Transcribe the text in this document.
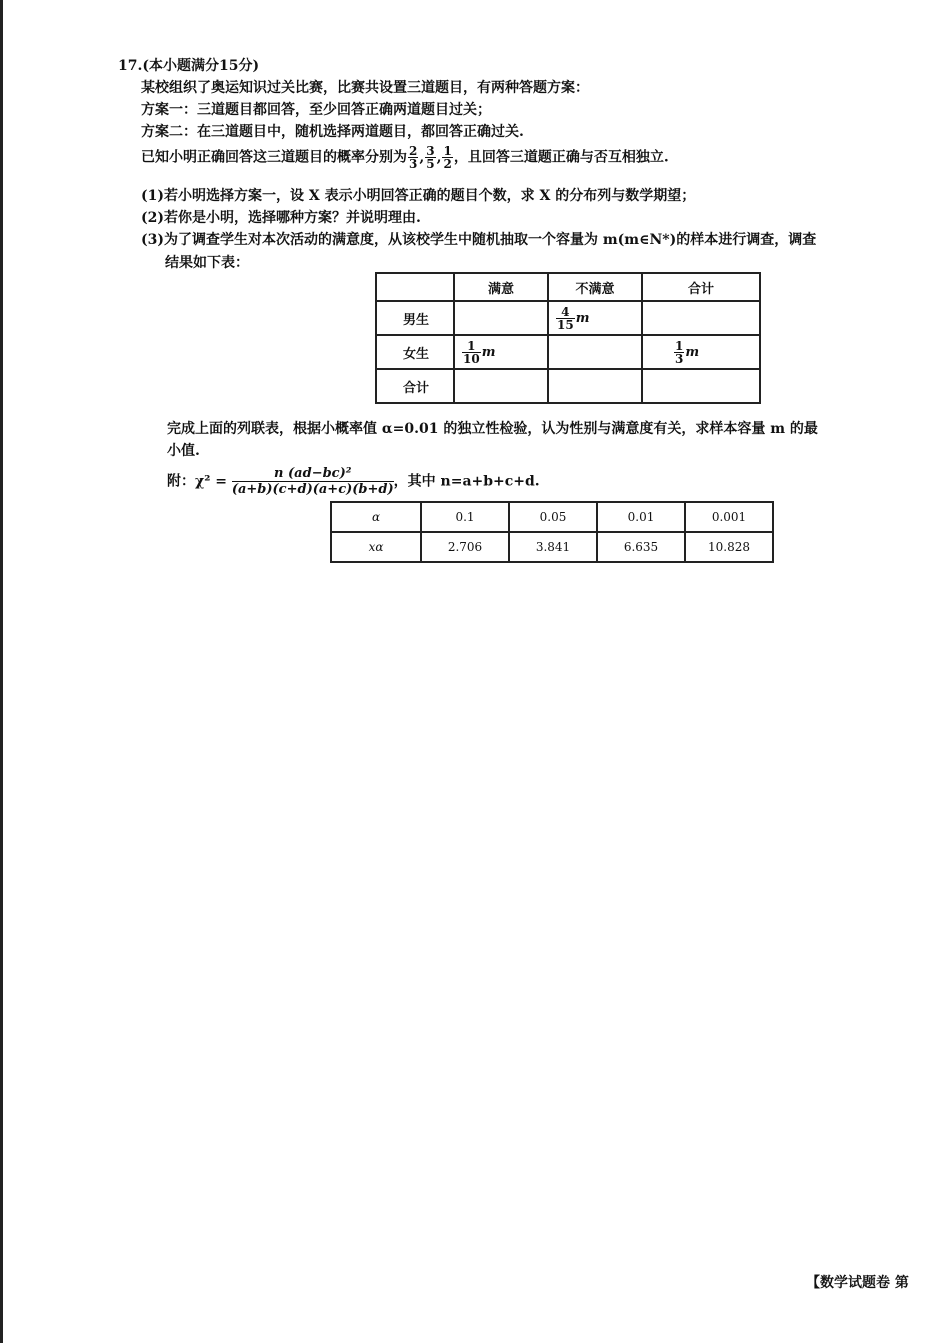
17.(本小题满分15分)
某校组织了奥运知识过关比赛，比赛共设置三道题目，有两种答题方案：
方案一：三道题目都回答，至少回答正确两道题目过关；
方案二：在三道题目中，随机选择两道题目，都回答正确过关.
已知小明正确回答这三道题目的概率分别为 $\frac{2}{3}$ , $\frac{3}{5}$ , $\frac{1}{2}$ ，且回答三道题正确与否互相独立.
(1)若小明选择方案一，设 X 表示小明回答正确的题目个数，求 X 的分布列与数学期望；
(2)若你是小明，选择哪种方案？并说明理由.
(3)为了调查学生对本次活动的满意度，从该校学生中随机抽取一个容量为 m(m∈N*)的样本进行调查，调查
结果如下表：
	满意	不满意	合计
男生		$\frac{4}{15}$ m	
女生	$\frac{1}{10}$ m		$\frac{1}{3}$ m
合计			
完成上面的列联表，根据小概率值 α=0.01 的独立性检验，认为性别与满意度有关，求样本容量 m 的最
小值.
附：$\chi^2 = \frac{\text{n (ad−bc)²}}{(a+b)(c+d)(a+c)(b+d)}$，其中 n=a+b+c+d.
α	0.1	0.05	0.01	0.001
xα	2.706	3.841	6.635	10.828
【数学试题卷 第
